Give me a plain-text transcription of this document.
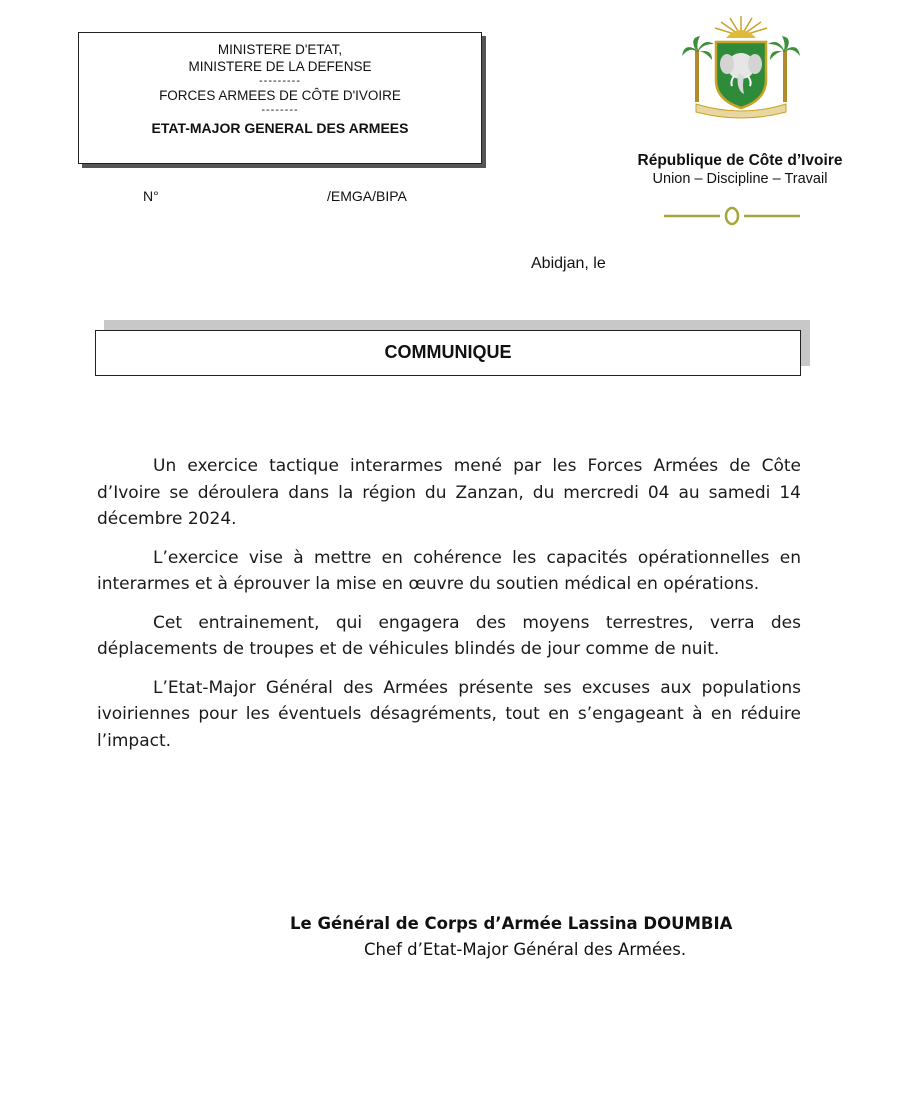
MINISTERE D'ETAT,
MINISTERE DE LA DEFENSE
---------
FORCES ARMEES DE CÔTE D'IVOIRE
--------
ETAT-MAJOR GENERAL DES ARMEES
N°	/EMGA/BIPA
République de Côte d’Ivoire
Union – Discipline – Travail
Abidjan, le
COMMUNIQUE

Un exercice tactique interarmes mené par les Forces Armées de Côte d’Ivoire se déroulera dans la région du Zanzan, du mercredi 04 au samedi 14 décembre 2024.

L’exercice vise à mettre en cohérence les capacités opérationnelles en interarmes et à éprouver la mise en œuvre du soutien médical en opérations.

Cet entrainement, qui engagera des moyens terrestres, verra des déplacements de troupes et de véhicules blindés de jour comme de nuit.

L’Etat-Major Général des Armées présente ses excuses aux populations ivoiriennes pour les éventuels désagréments, tout en s’engageant à en réduire l’impact.

Le Général de Corps d’Armée Lassina DOUMBIA
Chef d’Etat-Major Général des Armées.
